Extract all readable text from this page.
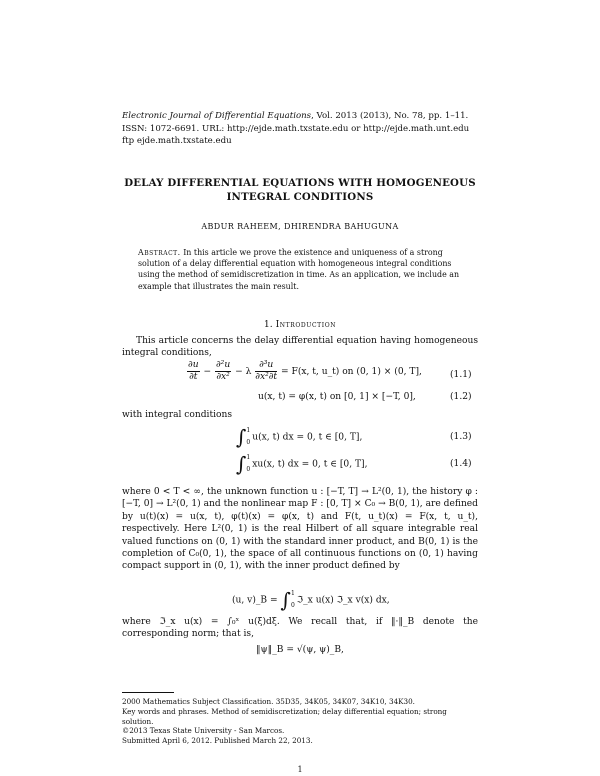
Electronic Journal of Differential Equations, Vol. 2013 (2013), No. 78, pp. 1–11.
ISSN: 1072-6691. URL: http://ejde.math.txstate.edu or http://ejde.math.unt.edu
ftp ejde.math.txstate.edu
DELAY DIFFERENTIAL EQUATIONS WITH HOMOGENEOUS
INTEGRAL CONDITIONS
ABDUR RAHEEM, DHIRENDRA BAHUGUNA
Abstract. In this article we prove the existence and uniqueness of a strong solution of a delay differential equation with homogeneous integral conditions using the method of semidiscretization in time. As an application, we include an example that illustrates the main result.
1. Introduction
This article concerns the delay differential equation having homogeneous integral conditions,
$\frac{\partial u}{\partial t} - \frac{\text{∂²u}}{\text{∂x²}} - \lambda \frac{\text{∂³u}}{\text{∂x²∂t}} = F(x$, t, u_t) on (0, 1) × (0, T],	(1.1)
u(x, t) = φ(x, t) on [0, 1] × [−T, 0],	(1.2)
with integral conditions
∫1
0 u(x, t) dx = 0, t ∈ [0, T],	(1.3)
∫1
0 xu(x, t) dx = 0, t ∈ [0, T],	(1.4)
where 0 < T < ∞, the unknown function u : [−T, T] → L²(0, 1), the history φ : [−T, 0] → L²(0, 1) and the nonlinear map F : [0, T] × C₀ → B(0, 1), are defined by u(t)(x) = u(x, t), φ(t)(x) = φ(x, t) and F(t, u_t)(x) = F(x, t, u_t), respectively. Here L²(0, 1) is the real Hilbert of all square integrable real valued functions on (0, 1) with the standard inner product, and B(0, 1) is the completion of C₀(0, 1), the space of all continuous functions on (0, 1) having compact support in (0, 1), with the inner product defined by
(u, v)_B = ∫1
0 ℑ_x u(x) ℑ_x v(x) dx,
where ℑ_x u(x) = ∫₀ˣ u(ξ)dξ. We recall that, if ‖·‖_B denote the corresponding norm; that is,
‖ψ‖_B = √(ψ, ψ)_B,
2000 Mathematics Subject Classification. 35D35, 34K05, 34K07, 34K10, 34K30.
Key words and phrases. Method of semidiscretization; delay differential equation; strong solution.
©2013 Texas State University - San Marcos.
Submitted April 6, 2012. Published March 22, 2013.
1
